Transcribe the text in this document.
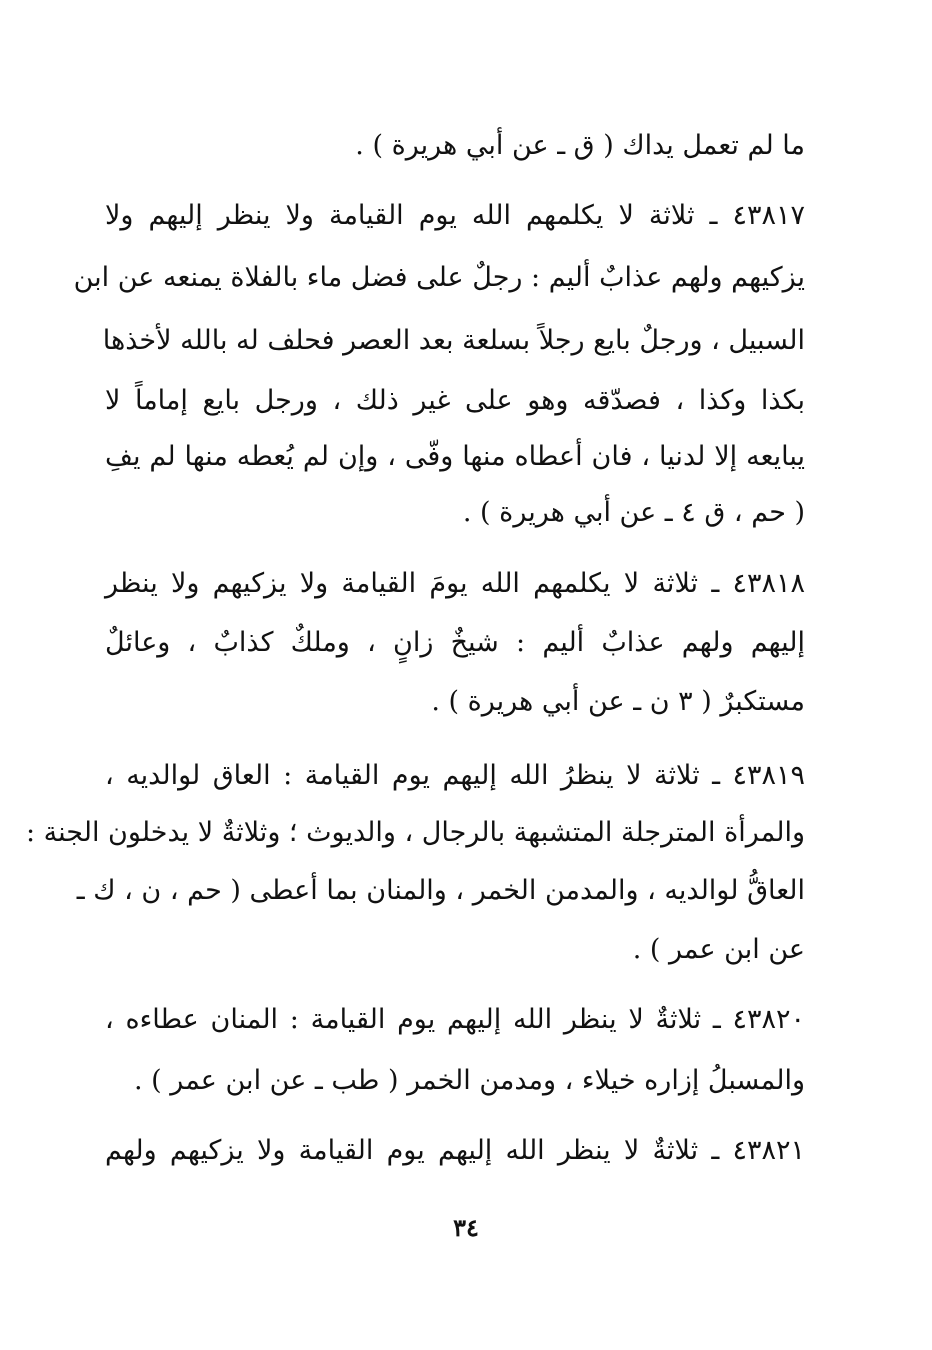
ما لم تعمل يداك ( ق ـ عن أبي هريرة ) .
٤٣٨١٧ ـ ثلاثة لا يكلمهم الله يوم القيامة ولا ينظر إليهم ولا
يزكيهم ولهم عذابٌ أليم : رجلٌ على فضل ماء بالفلاة يمنعه عن ابن
السبيل ، ورجلٌ بايع رجلاً بسلعة بعد العصر فحلف له بالله لأخذها
بكذا وكذا ، فصدّقه وهو على غير ذلك ، ورجل بايع إماماً لا
يبايعه إلا لدنيا ، فان أعطاه منها وفّى ، وإن لم يُعطه منها لم يفِ
( حم ، ق ٤ ـ عن أبي هريرة ) .
٤٣٨١٨ ـ ثلاثة لا يكلمهم الله يومَ القيامة ولا يزكيهم ولا ينظر
إليهم ولهم عذابٌ أليم : شيخٌ زانٍ ، وملكٌ كذابٌ ، وعائلٌ
مستكبرٌ ( ٣ ن ـ عن أبي هريرة ) .
٤٣٨١٩ ـ ثلاثة لا ينظرُ الله إليهم يوم القيامة : العاق لوالديه ،
والمرأة المترجلة المتشبهة بالرجال ، والديوث ؛ وثلاثةٌ لا يدخلون الجنة :
العاقُّ لوالديه ، والمدمن الخمر ، والمنان بما أعطى ( حم ، ن ، ك ـ
عن ابن عمر ) .
٤٣٨٢٠ ـ ثلاثةٌ لا ينظر الله إليهم يوم القيامة : المنان عطاءه ،
والمسبلُ إزاره خيلاء ، ومدمن الخمر ( طب ـ عن ابن عمر ) .
٤٣٨٢١ ـ ثلاثةٌ لا ينظر الله إليهم يوم القيامة ولا يزكيهم ولهم
٣٤
